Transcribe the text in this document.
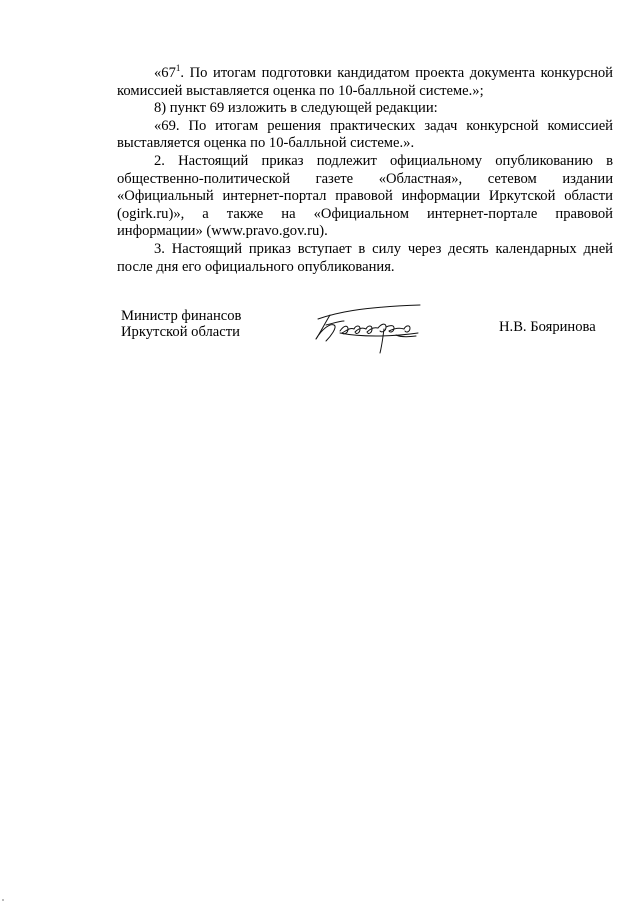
«$67^1$. По итогам подготовки кандидатом проекта документа конкурсной комиссией выставляется оценка по 10-балльной системе.»;

8) пункт 69 изложить в следующей редакции:

«69. По итогам решения практических задач конкурсной комиссией выставляется оценка по 10-балльной системе.».

2. Настоящий приказ подлежит официальному опубликованию в общественно-политической газете «Областная», сетевом издании «Официальный интернет-портал правовой информации Иркутской области (ogirk.ru)», а также на «Официальном интернет-портале правовой информации» (www.pravo.gov.ru).

3. Настоящий приказ вступает в силу через десять календарных дней после дня его официального опубликования.

Министр финансов
Иркутской области	Н.В. Бояринова
